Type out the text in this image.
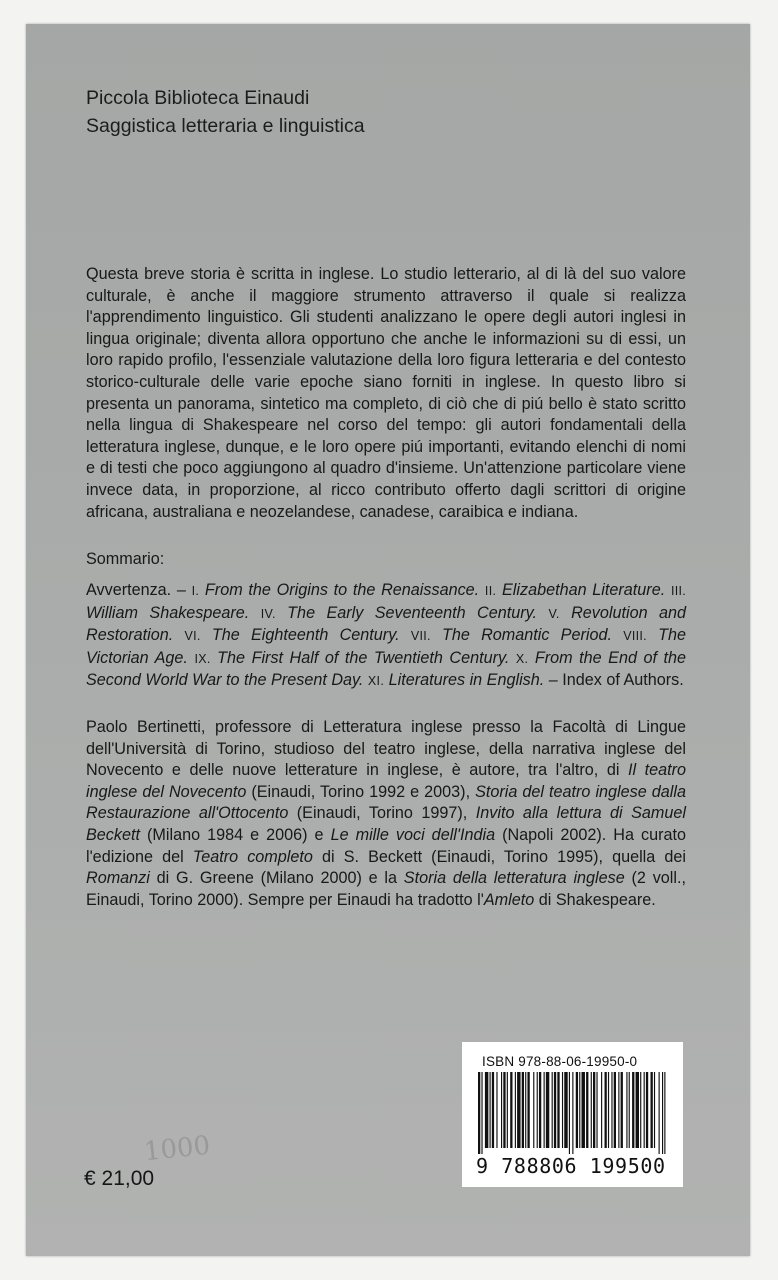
Piccola Biblioteca Einaudi
Saggistica letteraria e linguistica
Questa breve storia è scritta in inglese. Lo studio letterario, al di là del suo valore culturale, è anche il maggiore strumento attraverso il quale si realizza l'apprendimento linguistico. Gli studenti analizzano le opere degli autori inglesi in lingua originale; diventa allora opportuno che anche le informazioni su di essi, un loro rapido profilo, l'essenziale valutazione della loro figura letteraria e del contesto storico-culturale delle varie epoche siano forniti in inglese. In questo libro si presenta un panorama, sintetico ma completo, di ciò che di piú bello è stato scritto nella lingua di Shakespeare nel corso del tempo: gli autori fondamentali della letteratura inglese, dunque, e le loro opere piú importanti, evitando elenchi di nomi e di testi che poco aggiungono al quadro d'insieme. Un'attenzione particolare viene invece data, in proporzione, al ricco contributo offerto dagli scrittori di origine africana, australiana e neozelandese, canadese, caraibica e indiana.
Sommario:
Avvertenza. – I. From the Origins to the Renaissance. II. Elizabethan Literature. III. William Shakespeare. IV. The Early Seventeenth Century. V. Revolution and Restoration. VI. The Eighteenth Century. VII. The Romantic Period. VIII. The Victorian Age. IX. The First Half of the Twentieth Century. X. From the End of the Second World War to the Present Day. XI. Literatures in English. – Index of Authors.
Paolo Bertinetti, professore di Letteratura inglese presso la Facoltà di Lingue dell'Università di Torino, studioso del teatro inglese, della narrativa inglese del Novecento e delle nuove letterature in inglese, è autore, tra l'altro, di Il teatro inglese del Novecento (Einaudi, Torino 1992 e 2003), Storia del teatro inglese dalla Restaurazione all'Ottocento (Einaudi, Torino 1997), Invito alla lettura di Samuel Beckett (Milano 1984 e 2006) e Le mille voci dell'India (Napoli 2002). Ha curato l'edizione del Teatro completo di S. Beckett (Einaudi, Torino 1995), quella dei Romanzi di G. Greene (Milano 2000) e la Storia della letteratura inglese (2 voll., Einaudi, Torino 2000). Sempre per Einaudi ha tradotto l'Amleto di Shakespeare.
1000
€ 21,00
ISBN 978-88-06-19950-0
9 788806 199500
